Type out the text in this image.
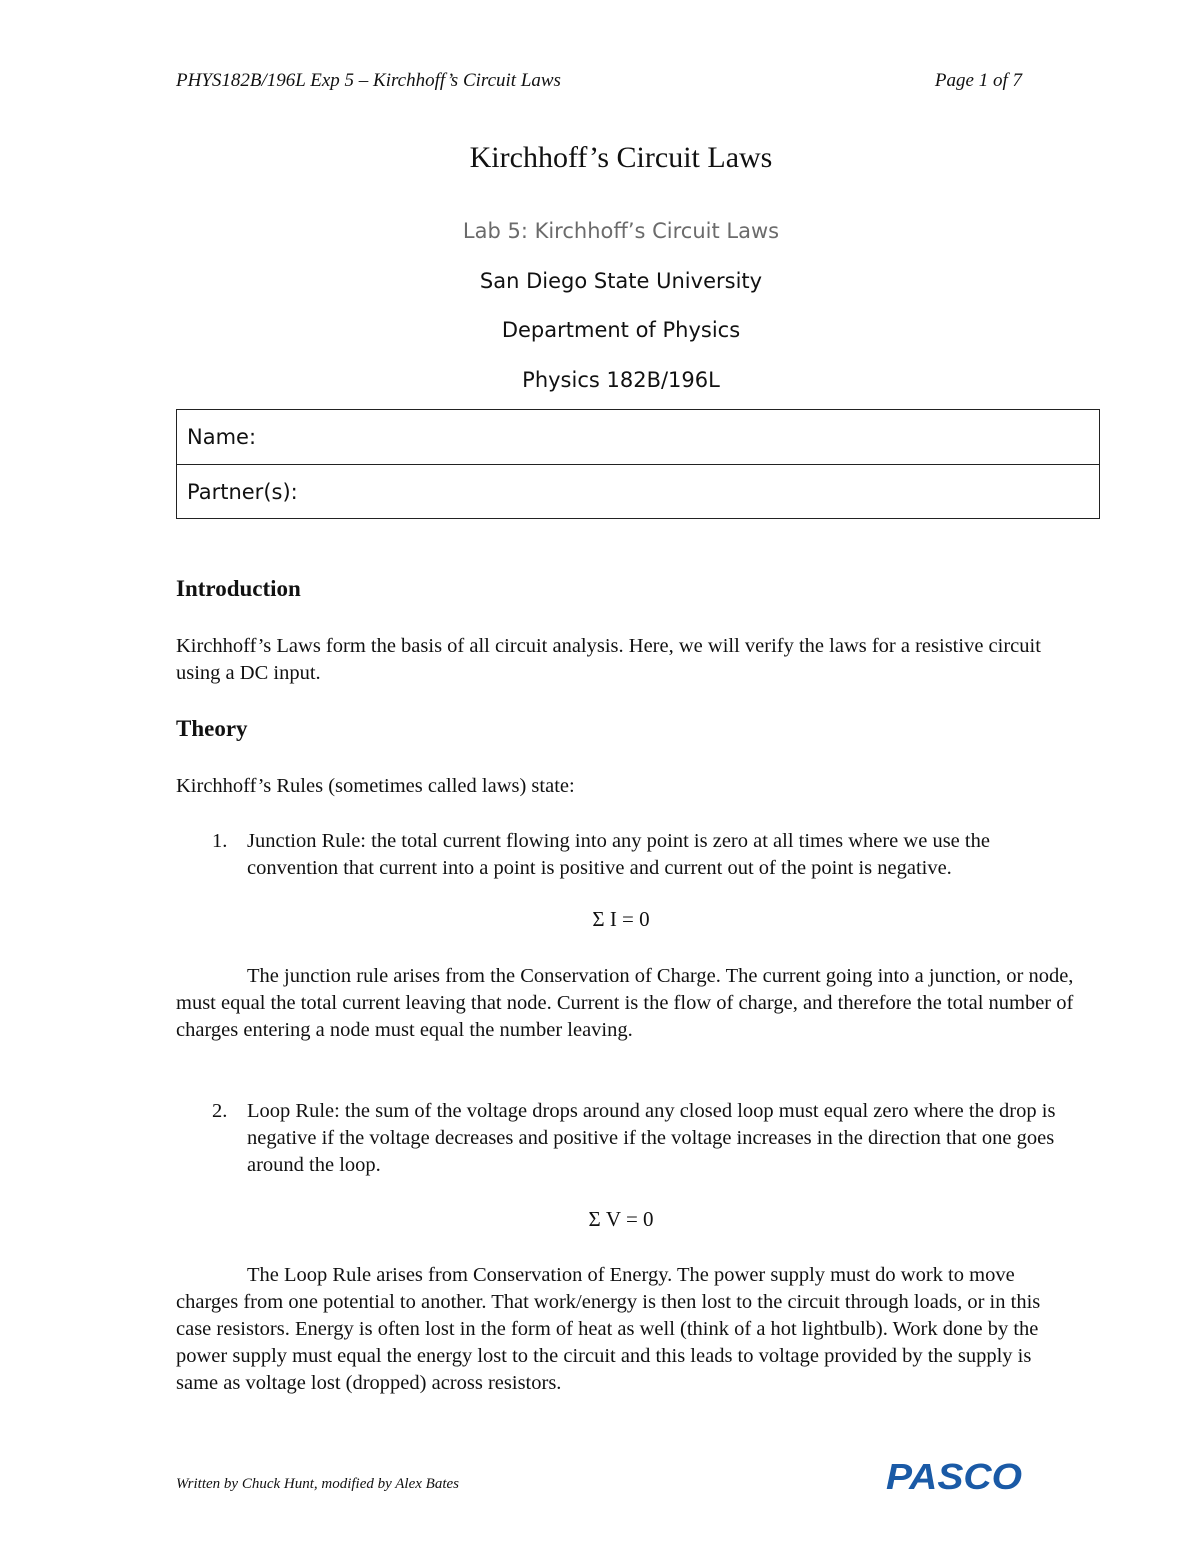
PHYS182B/196L Exp 5 – Kirchhoff’s Circuit Laws	Page 1 of 7
Kirchhoff’s Circuit Laws
Lab 5: Kirchhoff’s Circuit Laws
San Diego State University
Department of Physics
Physics 182B/196L
Name:
Partner(s):
Introduction

Kirchhoff’s Laws form the basis of all circuit analysis. Here, we will verify the laws for a resistive circuit using a DC input.

Theory
Kirchhoff’s Rules (sometimes called laws) state:
1. Junction Rule: the total current flowing into any point is zero at all times where we use the convention that current into a point is positive and current out of the point is negative.
Σ I = 0
The junction rule arises from the Conservation of Charge. The current going into a junction, or node, must equal the total current leaving that node. Current is the flow of charge, and therefore the total number of charges entering a node must equal the number leaving.
2. Loop Rule: the sum of the voltage drops around any closed loop must equal zero where the drop is negative if the voltage decreases and positive if the voltage increases in the direction that one goes around the loop.
Σ V = 0
The Loop Rule arises from Conservation of Energy. The power supply must do work to move charges from one potential to another. That work/energy is then lost to the circuit through loads, or in this case resistors. Energy is often lost in the form of heat as well (think of a hot lightbulb). Work done by the power supply must equal the energy lost to the circuit and this leads to voltage provided by the supply is same as voltage lost (dropped) across resistors.
Written by Chuck Hunt, modified by Alex Bates	PASCO
